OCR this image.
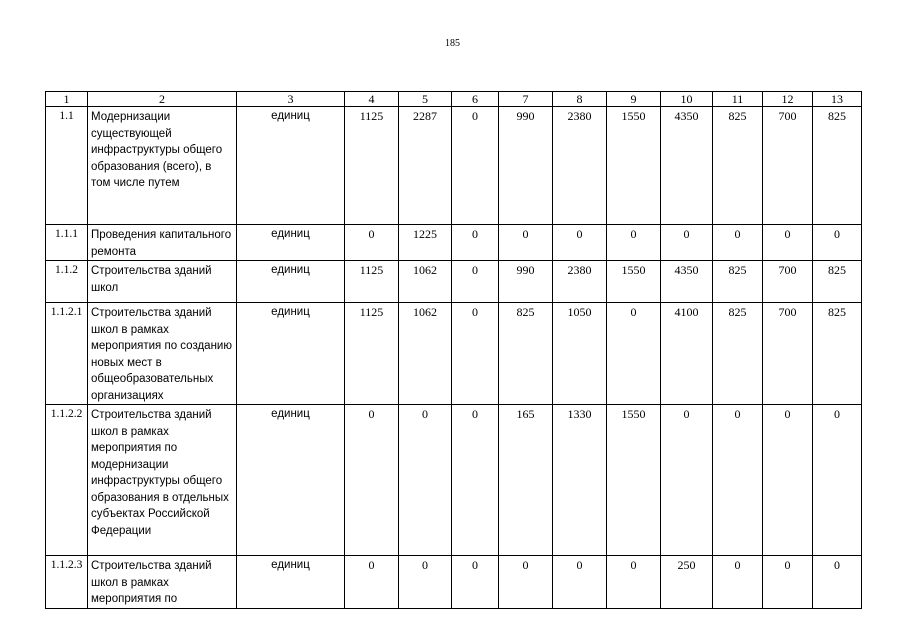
185
1	2	3	4	5	6	7	8	9	10	11	12	13
1.1	Модернизации существующей инфраструктуры общего образования (всего), в том числе путем	единиц	1125	2287	0	990	2380	1550	4350	825	700	825
1.1.1	Проведения капитального ремонта	единиц	0	1225	0	0	0	0	0	0	0	0
1.1.2	Строительства зданий школ	единиц	1125	1062	0	990	2380	1550	4350	825	700	825
1.1.2.1	Строительства зданий школ в рамках мероприятия по созданию новых мест в общеобразовательных организациях	единиц	1125	1062	0	825	1050	0	4100	825	700	825
1.1.2.2	Строительства зданий школ в рамках мероприятия по модернизации инфраструктуры общего образования в отдельных субъектах Российской Федерации	единиц	0	0	0	165	1330	1550	0	0	0	0
1.1.2.3	Строительства зданий школ в рамках мероприятия по	единиц	0	0	0	0	0	0	250	0	0	0
